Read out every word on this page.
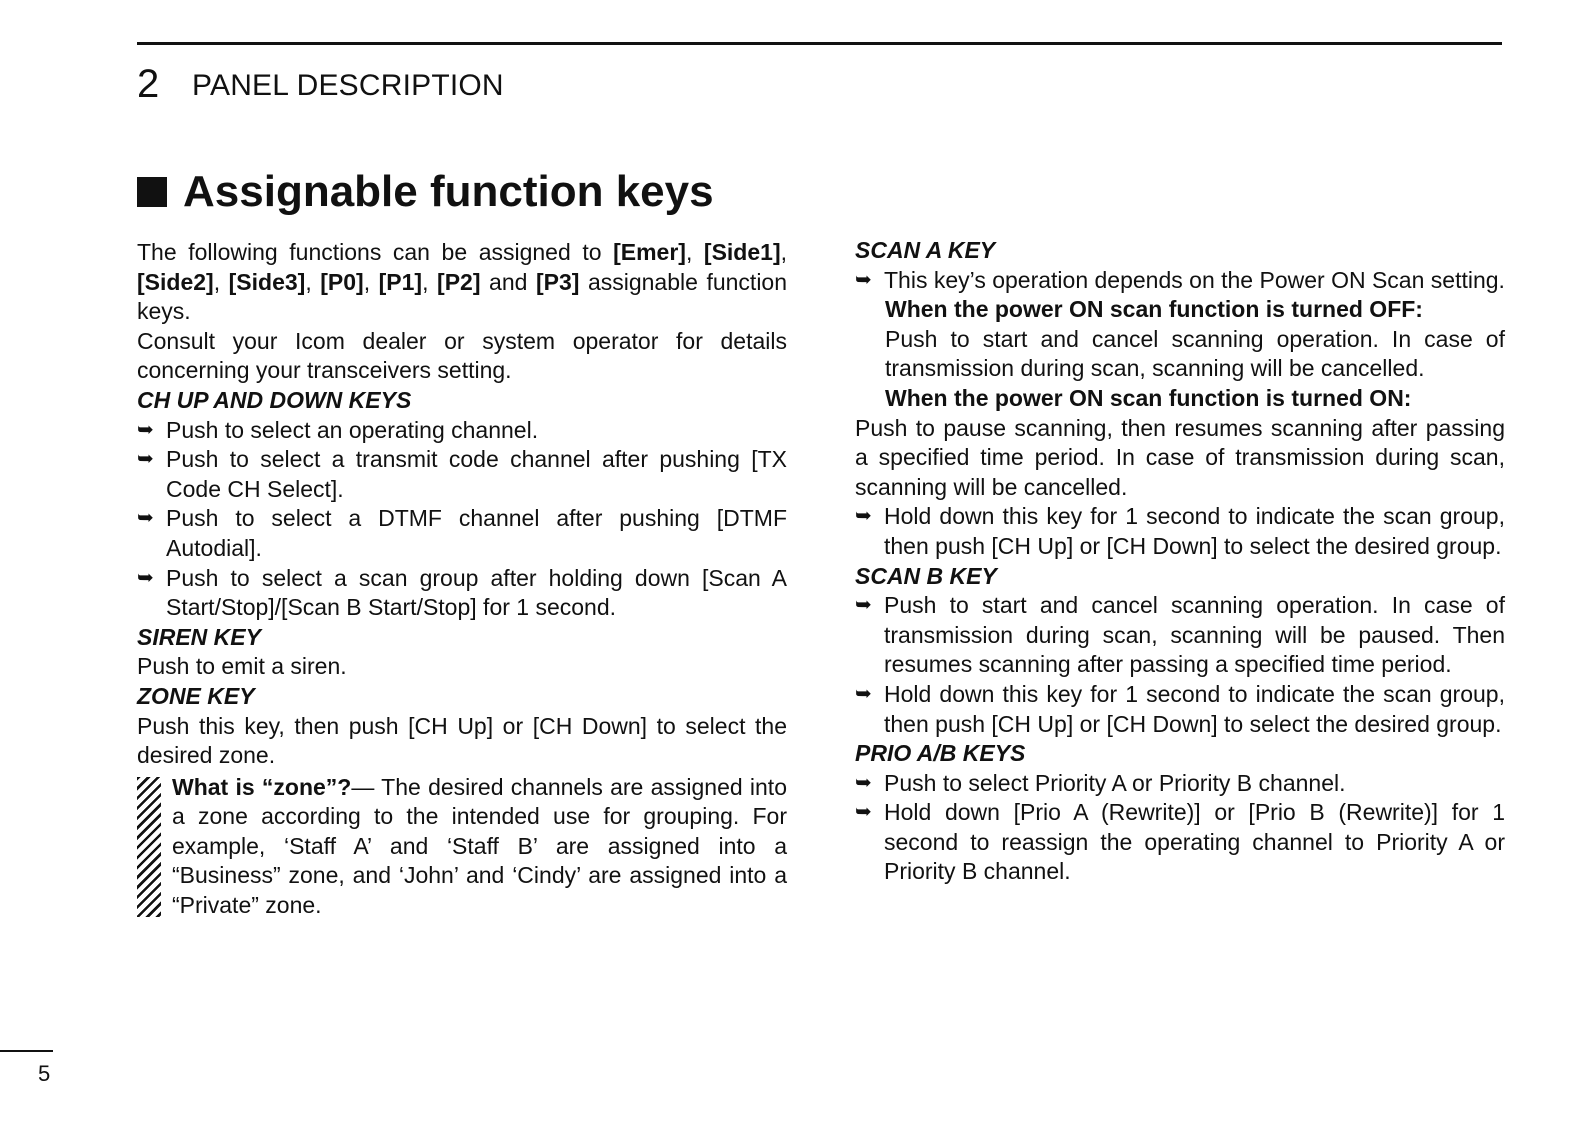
2 PANEL DESCRIPTION
Assignable function keys

The following functions can be assigned to [Emer], [Side1], [Side2], [Side3], [P0], [P1], [P2] and [P3] assignable function keys.

Consult your Icom dealer or system operator for details concerning your transceivers setting.

CH UP AND DOWN KEYS

➥ Push to select an operating channel.
➥ Push to select a transmit code channel after pushing [TX Code CH Select].
➥ Push to select a DTMF channel after pushing [DTMF Autodial].
➥ Push to select a scan group after holding down [Scan A Start/Stop]/[Scan B Start/Stop] for 1 second.

SIREN KEY

Push to emit a siren.

ZONE KEY

Push this key, then push [CH Up] or [CH Down] to select the desired zone.

What is “zone”?— The desired channels are assigned into a zone according to the intended use for grouping. For example, ‘Staff A’ and ‘Staff B’ are assigned into a “Business” zone, and ‘John’ and ‘Cindy’ are assigned into a “Private” zone.

SCAN A KEY

➥ This key’s operation depends on the Power ON Scan setting.

When the power ON scan function is turned OFF:

Push to start and cancel scanning operation. In case of transmission during scan, scanning will be cancelled.

When the power ON scan function is turned ON:

Push to pause scanning, then resumes scanning after passing a specified time period. In case of transmission during scan, scanning will be cancelled.

➥ Hold down this key for 1 second to indicate the scan group, then push [CH Up] or [CH Down] to select the desired group.

SCAN B KEY

➥ Push to start and cancel scanning operation. In case of transmission during scan, scanning will be paused. Then resumes scanning after passing a specified time period.
➥ Hold down this key for 1 second to indicate the scan group, then push [CH Up] or [CH Down] to select the desired group.

PRIO A/B KEYS

➥ Push to select Priority A or Priority B channel.
➥ Hold down [Prio A (Rewrite)] or [Prio B (Rewrite)] for 1 second to reassign the operating channel to Priority A or Priority B channel.
5
